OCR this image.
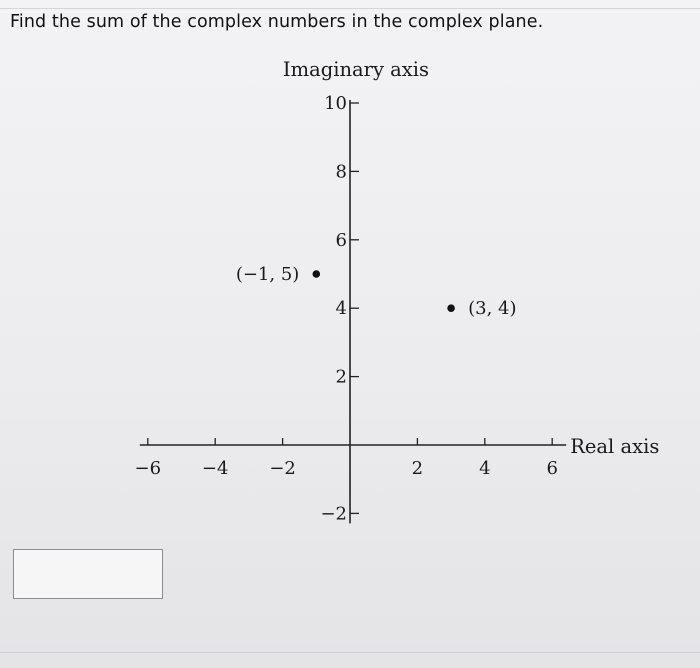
Find the sum of the complex numbers in the complex plane.
−6 −4 −2	2	4	6
−2
2
4
6
8
10
Imaginary axis
Real axis
(−1, 5)
(3, 4)
